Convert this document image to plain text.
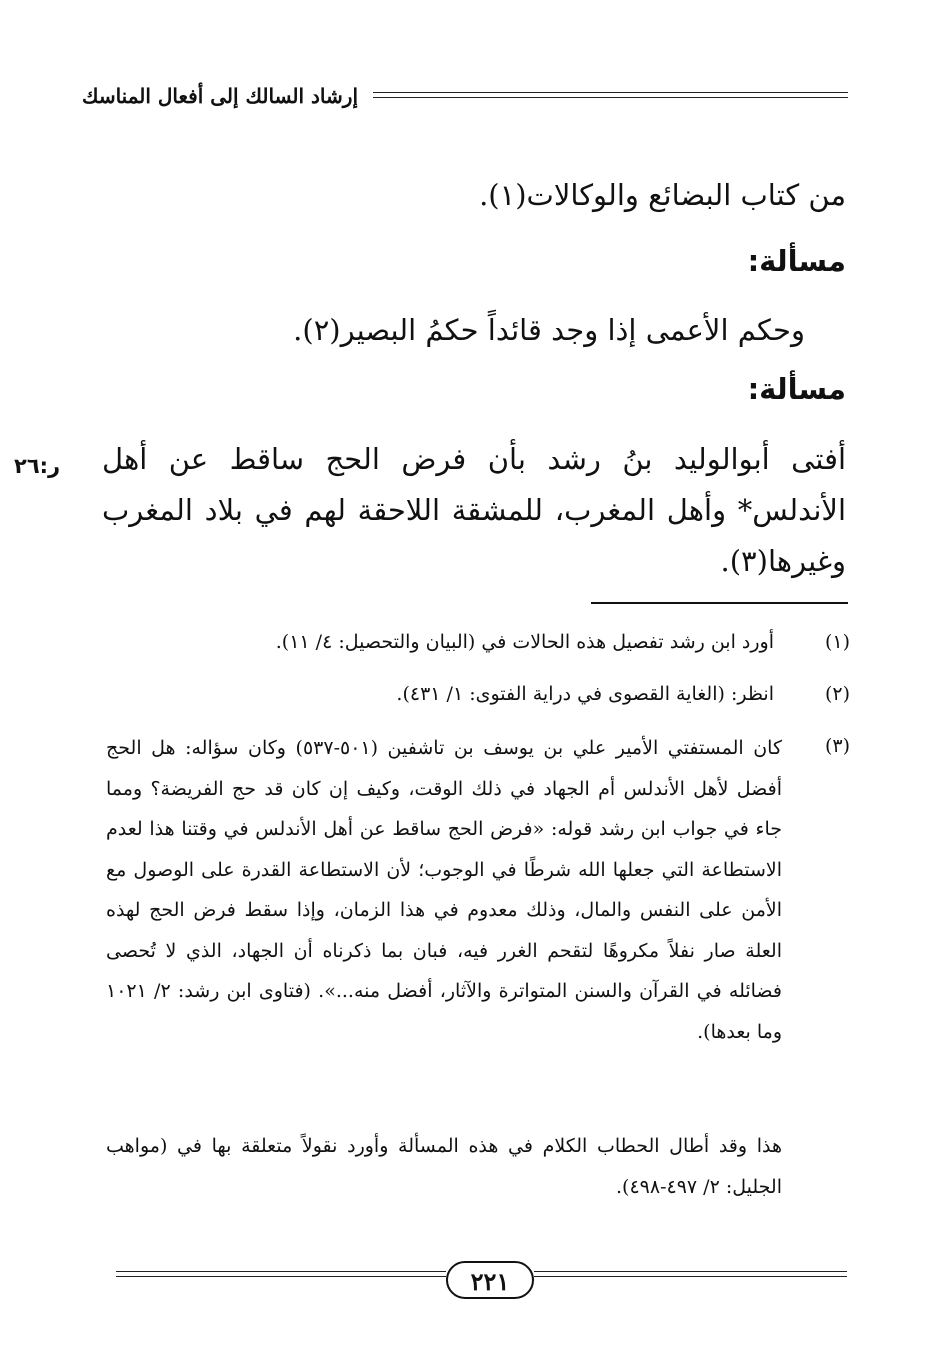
إرشاد السالك إلى أفعال المناسك
من كتاب البضائع والوكالات(١).
مسألة:
وحكم الأعمى إذا وجد قائداً حكمُ البصير(٢).
مسألة:
أفتى أبوالوليد بنُ رشد بأن فرض الحج ساقط عن أهل الأندلس* وأهل المغرب، للمشقة اللاحقة لهم في بلاد المغرب وغيرها(٣).
ر:٢٦
(١)
أورد ابن رشد تفصيل هذه الحالات في (البيان والتحصيل: ٤/ ١١).
(٢)
انظر: (الغاية القصوى في دراية الفتوى: ١/ ٤٣١).
(٣)
كان المستفتي الأمير علي بن يوسف بن تاشفين (٥٠١-٥٣٧) وكان سؤاله: هل الحج أفضل لأهل الأندلس أم الجهاد في ذلك الوقت، وكيف إن كان قد حج الفريضة؟ ومما جاء في جواب ابن رشد قوله: «فرض الحج ساقط عن أهل الأندلس في وقتنا هذا لعدم الاستطاعة التي جعلها الله شرطًا في الوجوب؛ لأن الاستطاعة القدرة على الوصول مع الأمن على النفس والمال، وذلك معدوم في هذا الزمان، وإذا سقط فرض الحج لهذه العلة صار نفلاً مكروهًا لتقحم الغرر فيه، فبان بما ذكرناه أن الجهاد، الذي لا تُحصى فضائله في القرآن والسنن المتواترة والآثار، أفضل منه...». (فتاوى ابن رشد: ٢/ ١٠٢١ وما بعدها).
هذا وقد أطال الحطاب الكلام في هذه المسألة وأورد نقولاً متعلقة بها في (مواهب الجليل: ٢/ ٤٩٧-٤٩٨).
٢٢١
